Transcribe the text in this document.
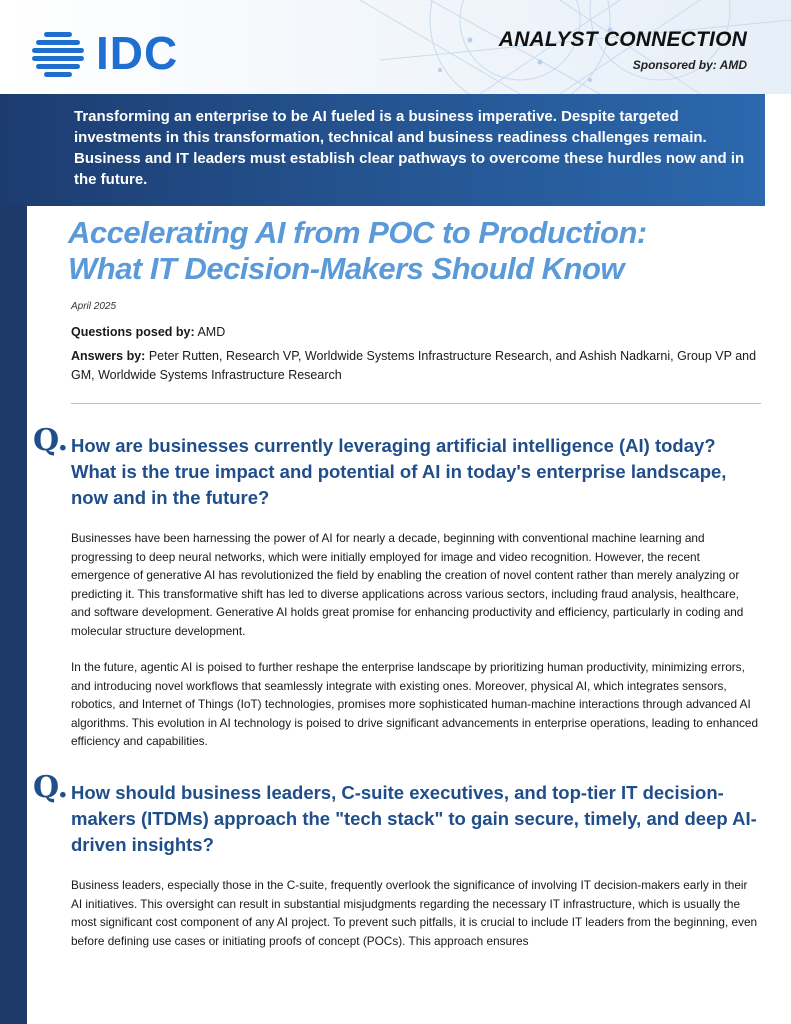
IDC	ANALYST CONNECTION
Sponsored by: AMD
Transforming an enterprise to be AI fueled is a business imperative. Despite targeted investments in this transformation, technical and business readiness challenges remain. Business and IT leaders must establish clear pathways to overcome these hurdles now and in the future.
Accelerating AI from POC to Production:
What IT Decision-Makers Should Know
April 2025
Questions posed by: AMD
Answers by: Peter Rutten, Research VP, Worldwide Systems Infrastructure Research, and Ashish Nadkarni, Group VP and GM, Worldwide Systems Infrastructure Research
Q. How are businesses currently leveraging artificial intelligence (AI) today? What is the true impact and potential of AI in today's enterprise landscape, now and in the future?

Businesses have been harnessing the power of AI for nearly a decade, beginning with conventional machine learning and progressing to deep neural networks, which were initially employed for image and video recognition. However, the recent emergence of generative AI has revolutionized the field by enabling the creation of novel content rather than merely analyzing or predicting it. This transformative shift has led to diverse applications across various sectors, including fraud analysis, healthcare, and software development. Generative AI holds great promise for enhancing productivity and efficiency, particularly in coding and molecular structure development.

In the future, agentic AI is poised to further reshape the enterprise landscape by prioritizing human productivity, minimizing errors, and introducing novel workflows that seamlessly integrate with existing ones. Moreover, physical AI, which integrates sensors, robotics, and Internet of Things (IoT) technologies, promises more sophisticated human-machine interactions through advanced AI algorithms. This evolution in AI technology is poised to drive significant advancements in enterprise operations, leading to enhanced efficiency and capabilities.

Q. How should business leaders, C-suite executives, and top-tier IT decision-makers (ITDMs) approach the "tech stack" to gain secure, timely, and deep AI-driven insights?

Business leaders, especially those in the C-suite, frequently overlook the significance of involving IT decision-makers early in their AI initiatives. This oversight can result in substantial misjudgments regarding the necessary IT infrastructure, which is usually the most significant cost component of any AI project. To prevent such pitfalls, it is crucial to include IT leaders from the beginning, even before defining use cases or initiating proofs of concept (POCs). This approach ensures
